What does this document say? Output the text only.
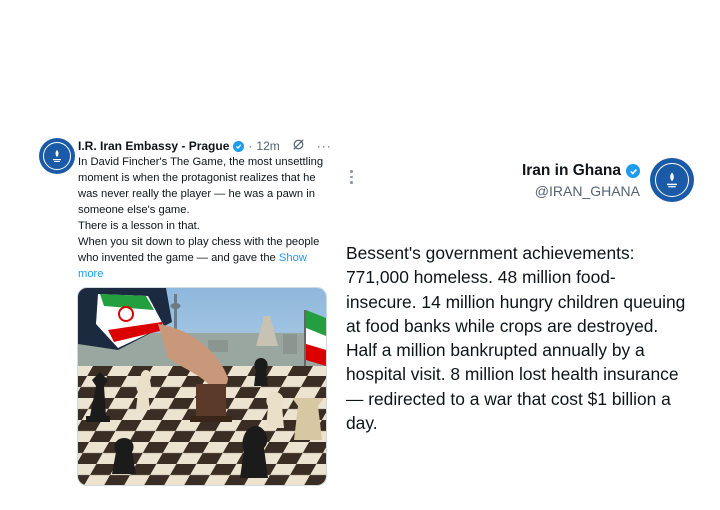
I.R. Iran Embassy - Prague · 12m	···

In David Fincher's The Game, the most unsettling moment is when the protagonist realizes that he was never really the player — he was a pawn in someone else's game.

There is a lesson in that.

When you sit down to play chess with the people who invented the game — and gave the Show more

Iran in Ghana
@IRAN_GHANA
Bessent's government achievements: 771,000 homeless. 48 million food-insecure. 14 million hungry children queuing at food banks while crops are destroyed. Half a million bankrupted annually by a hospital visit. 8 million lost health insurance — redirected to a war that cost $1 billion a day.
